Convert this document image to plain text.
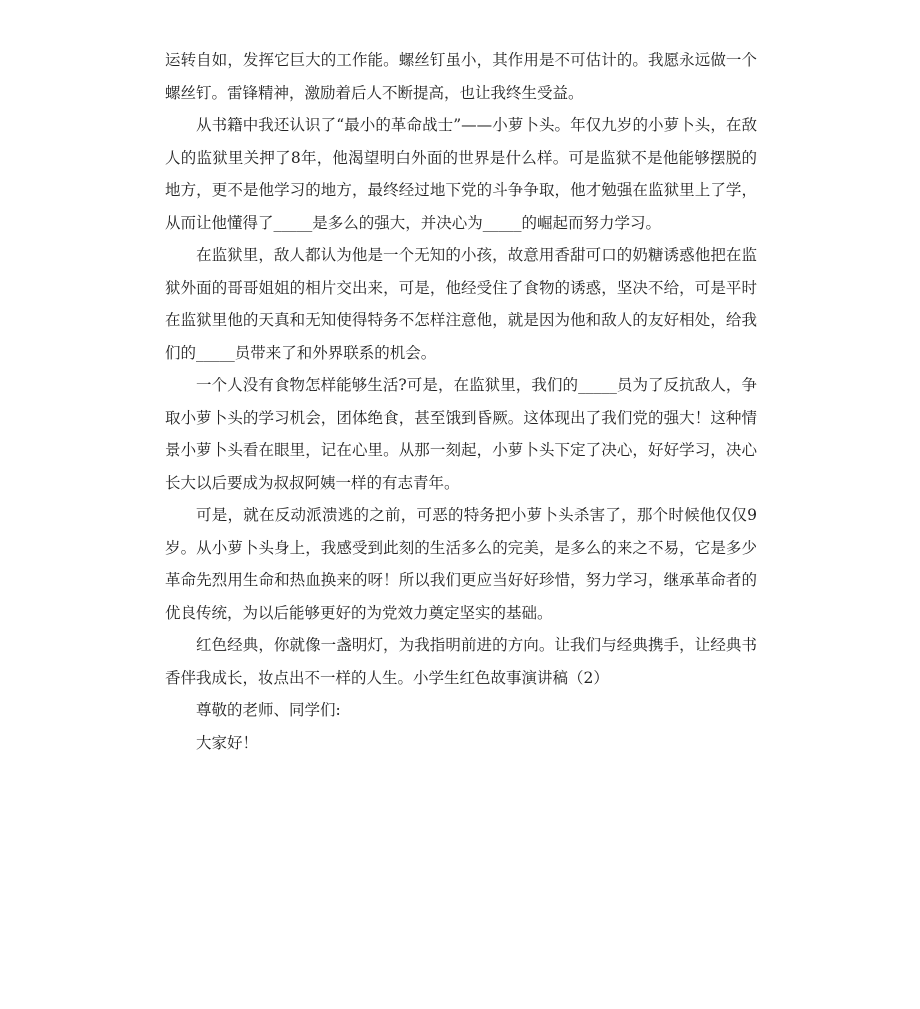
运转自如，发挥它巨大的工作能。螺丝钉虽小，其作用是不可估计的。我愿永远做一个螺丝钉。雷锋精神，激励着后人不断提高，也让我终生受益。

从书籍中我还认识了“最小的革命战士”——小萝卜头。年仅九岁的小萝卜头，在敌人的监狱里关押了8年，他渴望明白外面的世界是什么样。可是监狱不是他能够摆脱的地方，更不是他学习的地方，最终经过地下党的斗争争取，他才勉强在监狱里上了学，从而让他懂得了_____是多么的强大，并决心为_____的崛起而努力学习。

在监狱里，敌人都认为他是一个无知的小孩，故意用香甜可口的奶糖诱惑他把在监狱外面的哥哥姐姐的相片交出来，可是，他经受住了食物的诱惑，坚决不给，可是平时在监狱里他的天真和无知使得特务不怎样注意他，就是因为他和敌人的友好相处，给我们的_____员带来了和外界联系的机会。

一个人没有食物怎样能够生活?可是，在监狱里，我们的_____员为了反抗敌人，争取小萝卜头的学习机会，团体绝食，甚至饿到昏厥。这体现出了我们党的强大！这种情景小萝卜头看在眼里，记在心里。从那一刻起，小萝卜头下定了决心，好好学习，决心长大以后要成为叔叔阿姨一样的有志青年。

可是，就在反动派溃逃的之前，可恶的特务把小萝卜头杀害了，那个时候他仅仅9岁。从小萝卜头身上，我感受到此刻的生活多么的完美，是多么的来之不易，它是多少革命先烈用生命和热血换来的呀！所以我们更应当好好珍惜，努力学习，继承革命者的优良传统，为以后能够更好的为党效力奠定坚实的基础。

红色经典，你就像一盏明灯，为我指明前进的方向。让我们与经典携手，让经典书香伴我成长，妆点出不一样的人生。小学生红色故事演讲稿（2）

尊敬的老师、同学们:

大家好！
